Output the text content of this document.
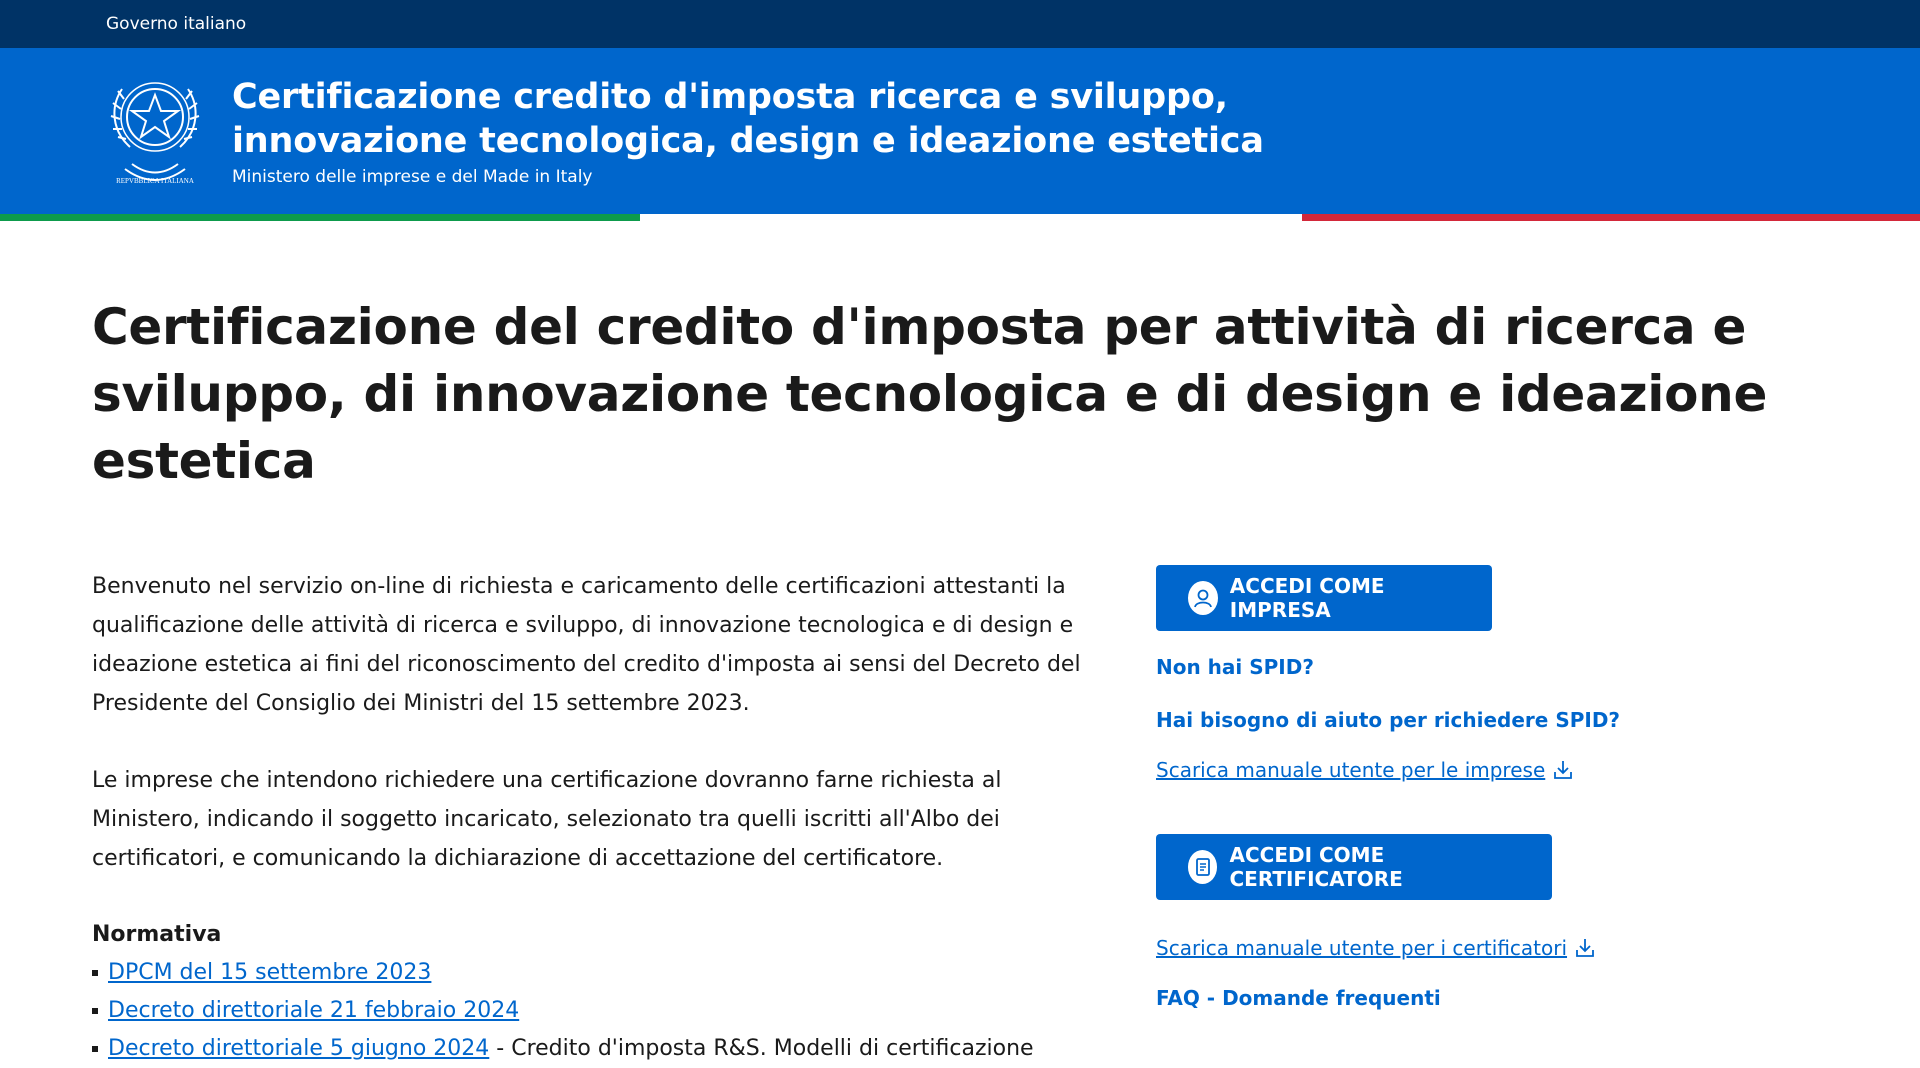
Governo italiano
REPVBBLICA ITALIANA
Certificazione credito d'imposta ricerca e sviluppo,
innovazione tecnologica, design e ideazione estetica
Ministero delle imprese e del Made in Italy
Certificazione del credito d'imposta per attività di ricerca e sviluppo, di innovazione tecnologica e di design e ideazione estetica

Benvenuto nel servizio on-line di richiesta e caricamento delle certificazioni attestanti la qualificazione delle attività di ricerca e sviluppo, di innovazione tecnologica e di design e ideazione estetica ai fini del riconoscimento del credito d'imposta ai sensi del Decreto del Presidente del Consiglio dei Ministri del 15 settembre 2023.

Le imprese che intendono richiedere una certificazione dovranno farne richiesta al Ministero, indicando il soggetto incaricato, selezionato tra quelli iscritti all'Albo dei certificatori, e comunicando la dichiarazione di accettazione del certificatore.

Normativa
DPCM del 15 settembre 2023
Decreto direttoriale 21 febbraio 2024
Decreto direttoriale 5 giugno 2024 - Credito d'imposta R&S. Modelli di certificazione
ACCEDI COME IMPRESA
Non hai SPID?
Hai bisogno di aiuto per richiedere SPID?
Scarica manuale utente per le imprese

ACCEDI COME CERTIFICATORE

Scarica manuale utente per i certificatori
FAQ - Domande frequenti
